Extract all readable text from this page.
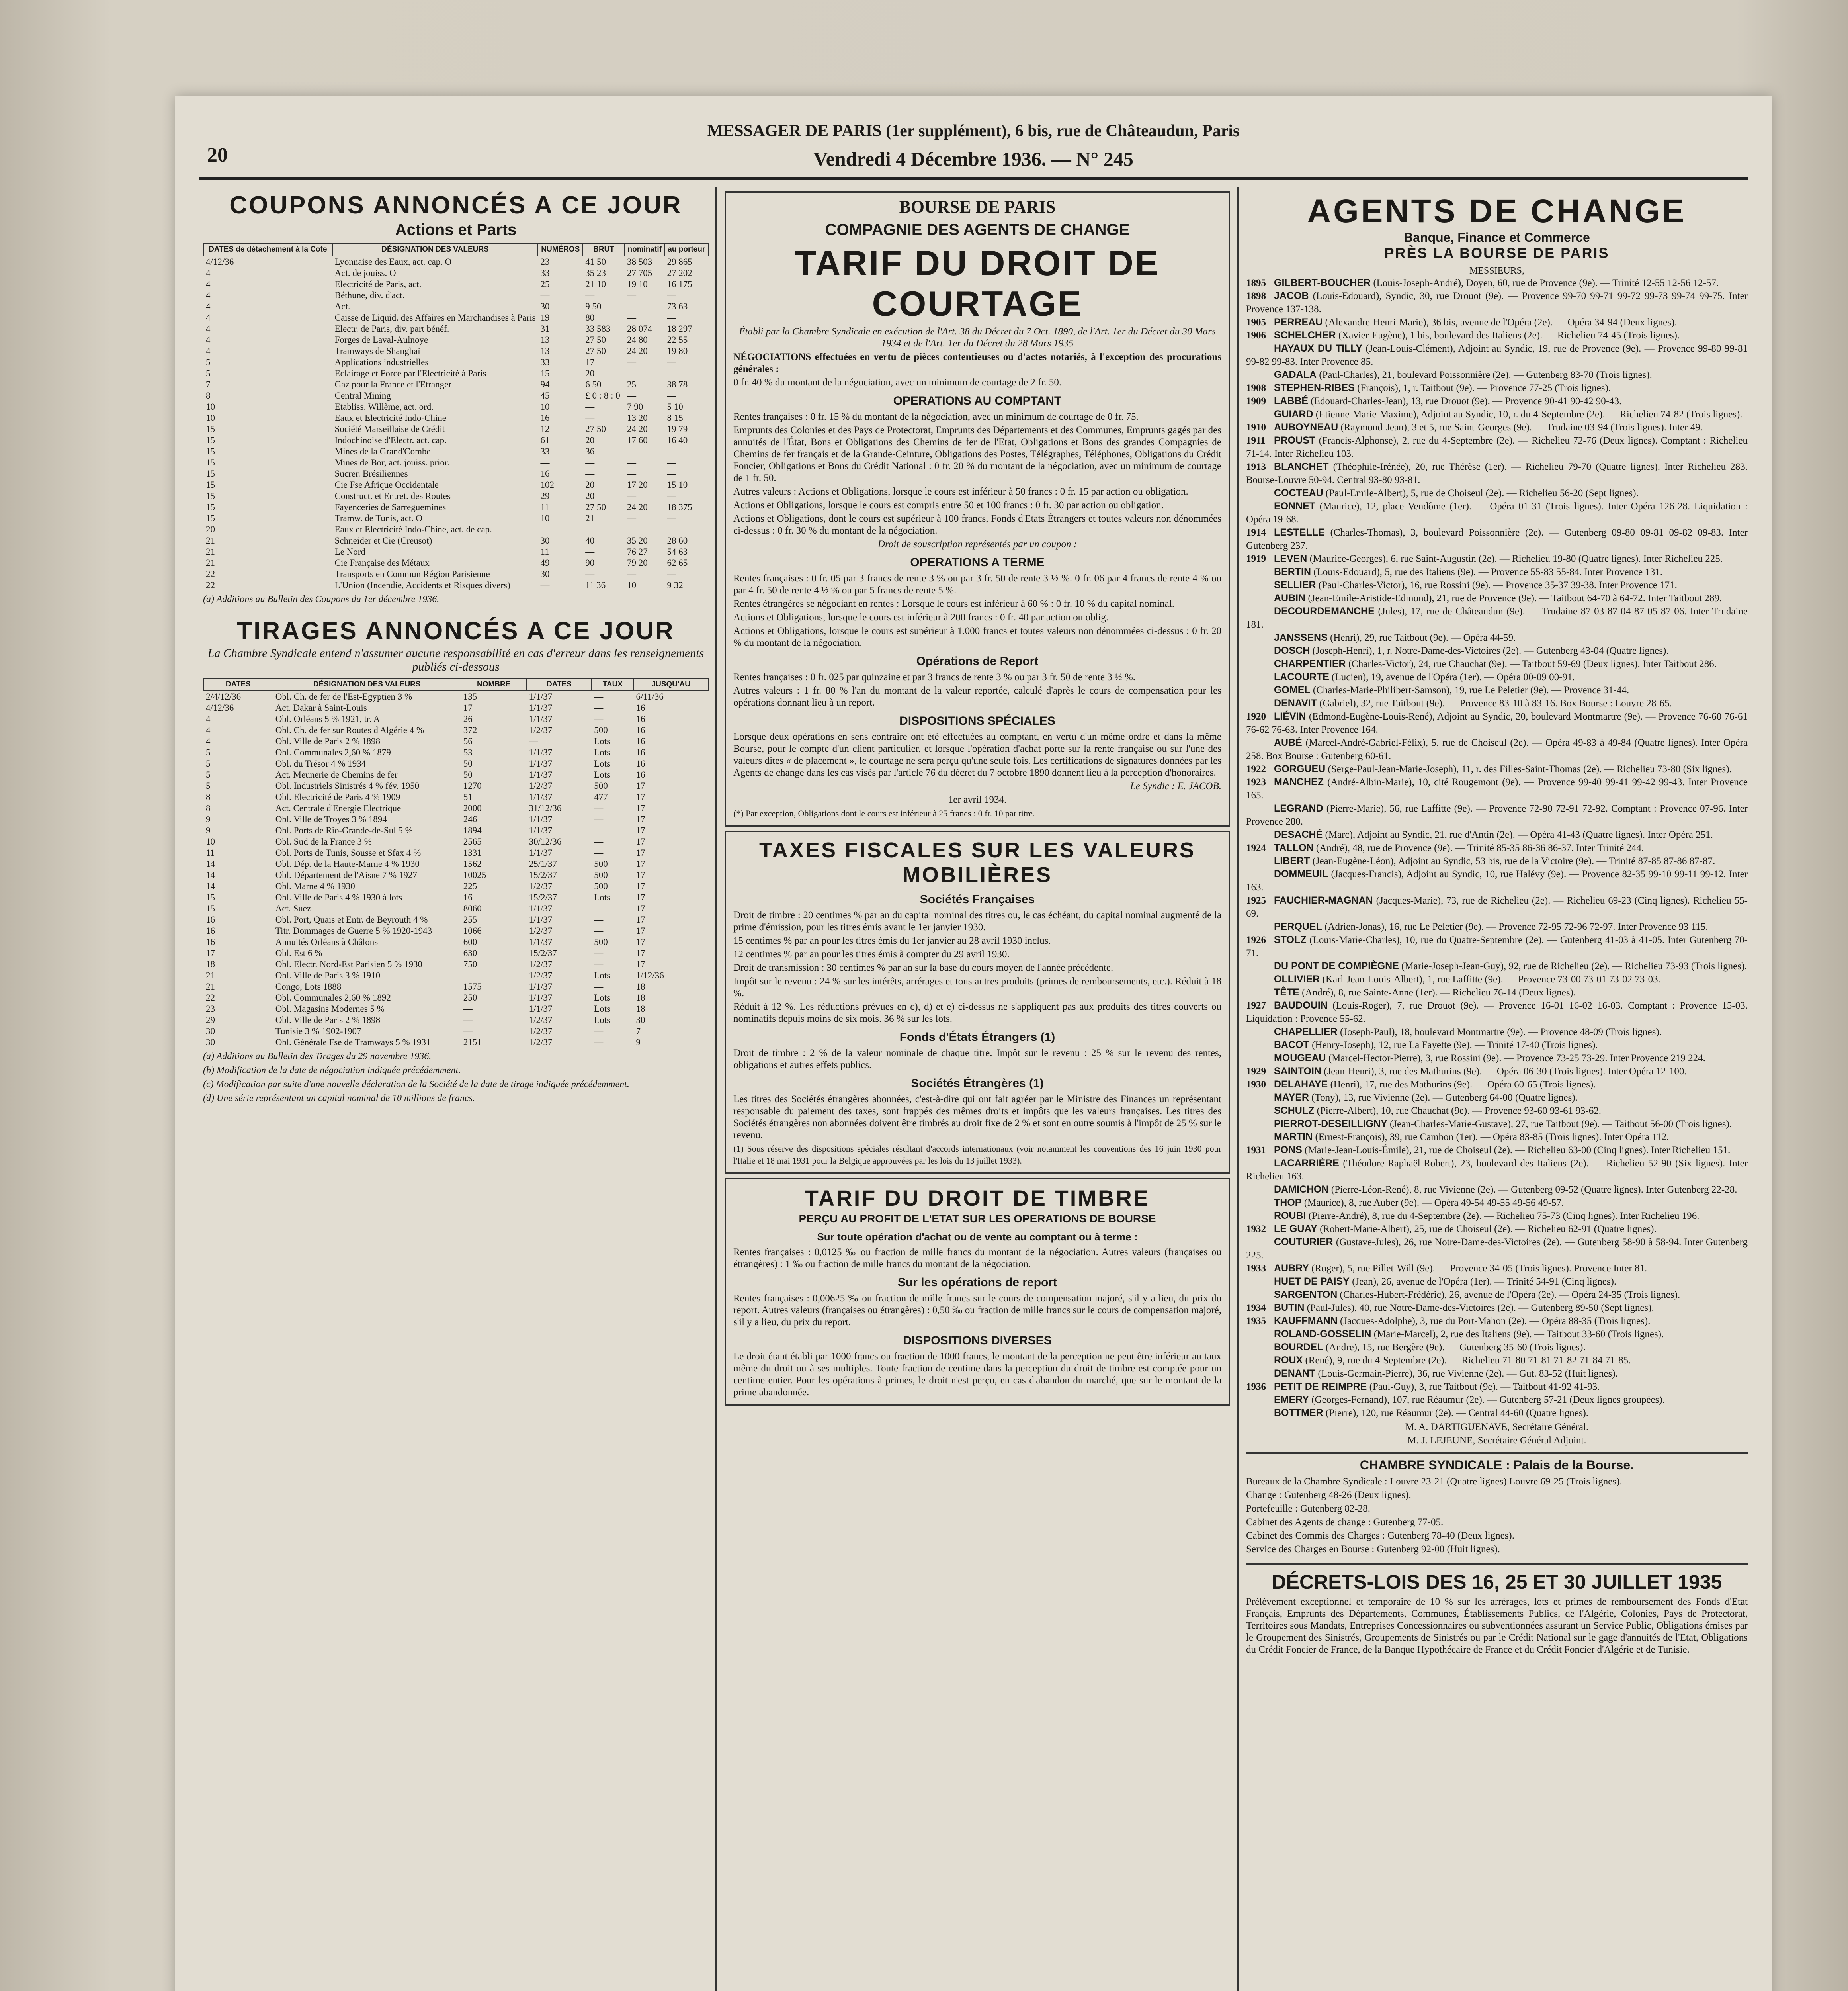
20
MESSAGER DE PARIS (1er supplément), 6 bis, rue de Châteaudun, Paris
Vendredi 4 Décembre 1936. — N° 245
COUPONS ANNONCÉS A CE JOUR
Actions et Parts
DATES de détachement à la Cote	DÉSIGNATION DES VALEURS	NUMÉROS	BRUT	nominatif	au porteur
4/12/36	Lyonnaise des Eaux, act. cap. O	23	41 50	38 503	29 865
4	Act. de jouiss. O	33	35 23	27 705	27 202
4	Electricité de Paris, act.	25	21 10	19 10	16 175
4	Béthune, div. d'act.	—	—	—	—
4	Act.	30	9 50	—	73 63
4	Caisse de Liquid. des Affaires en Marchandises à Paris	19	80	—	—
4	Electr. de Paris, div. part bénéf.	31	33 583	28 074	18 297
4	Forges de Laval-Aulnoye	13	27 50	24 80	22 55
4	Tramways de Shanghaï	13	27 50	24 20	19 80
5	Applications industrielles	33	17	—	—
5	Eclairage et Force par l'Electricité à Paris	15	20	—	—
7	Gaz pour la France et l'Etranger	94	6 50	25	38 78
8	Central Mining	45	£ 0 : 8 : 0	—	—
10	Etabliss. Willème, act. ord.	10	—	7 90	5 10
10	Eaux et Electricité Indo-Chine	16	—	13 20	8 15
15	Société Marseillaise de Crédit	12	27 50	24 20	19 79
15	Indochinoise d'Electr. act. cap.	61	20	17 60	16 40
15	Mines de la Grand'Combe	33	36	—	—
15	Mines de Bor, act. jouiss. prior.	—	—	—	—
15	Sucrer. Brésiliennes	16	—	—	—
15	Cie Fse Afrique Occidentale	102	20	17 20	15 10
15	Construct. et Entret. des Routes	29	20	—	—
15	Fayenceries de Sarreguemines	11	27 50	24 20	18 375
15	Tramw. de Tunis, act. O	10	21	—	—
20	Eaux et Electricité Indo-Chine, act. de cap.	—	—	—	—
21	Schneider et Cie (Creusot)	30	40	35 20	28 60
21	Le Nord	11	—	76 27	54 63
21	Cie Française des Métaux	49	90	79 20	62 65
22	Transports en Commun Région Parisienne	30	—	—	—
22	L'Union (Incendie, Accidents et Risques divers)	—	11 36	10	9 32
(a) Additions au Bulletin des Coupons du 1er décembre 1936.
TIRAGES ANNONCÉS A CE JOUR
La Chambre Syndicale entend n'assumer aucune responsabilité en cas d'erreur dans les renseignements publiés ci-dessous
DATES	DÉSIGNATION DES VALEURS	NOMBRE	DATES	TAUX	JUSQU'AU
2/4/12/36	Obl. Ch. de fer de l'Est-Egyptien 3 %	135	1/1/37	—	6/11/36
4/12/36	Act. Dakar à Saint-Louis	17	1/1/37	—	16
4	Obl. Orléans 5 % 1921, tr. A	26	1/1/37	—	16
4	Obl. Ch. de fer sur Routes d'Algérie 4 %	372	1/2/37	500	16
4	Obl. Ville de Paris 2 % 1898	56	—	Lots	16
5	Obl. Communales 2,60 % 1879	53	1/1/37	Lots	16
5	Obl. du Trésor 4 % 1934	50	1/1/37	Lots	16
5	Act. Meunerie de Chemins de fer	50	1/1/37	Lots	16
5	Obl. Industriels Sinistrés 4 % fév. 1950	1270	1/2/37	500	17
8	Obl. Electricité de Paris 4 % 1909	51	1/1/37	477	17
8	Act. Centrale d'Energie Electrique	2000	31/12/36	—	17
9	Obl. Ville de Troyes 3 % 1894	246	1/1/37	—	17
9	Obl. Ports de Rio-Grande-de-Sul 5 %	1894	1/1/37	—	17
10	Obl. Sud de la France 3 %	2565	30/12/36	—	17
11	Obl. Ports de Tunis, Sousse et Sfax 4 %	1331	1/1/37	—	17
14	Obl. Dép. de la Haute-Marne 4 % 1930	1562	25/1/37	500	17
14	Obl. Département de l'Aisne 7 % 1927	10025	15/2/37	500	17
14	Obl. Marne 4 % 1930	225	1/2/37	500	17
15	Obl. Ville de Paris 4 % 1930 à lots	16	15/2/37	Lots	17
15	Act. Suez	8060	1/1/37	—	17
16	Obl. Port, Quais et Entr. de Beyrouth 4 %	255	1/1/37	—	17
16	Titr. Dommages de Guerre 5 % 1920-1943	1066	1/2/37	—	17
16	Annuités Orléans à Châlons	600	1/1/37	500	17
17	Obl. Est 6 %	630	15/2/37	—	17
18	Obl. Electr. Nord-Est Parisien 5 % 1930	750	1/2/37	—	17
21	Obl. Ville de Paris 3 % 1910	—	1/2/37	Lots	1/12/36
21	Congo, Lots 1888	1575	1/1/37	—	18
22	Obl. Communales 2,60 % 1892	250	1/1/37	Lots	18
23	Obl. Magasins Modernes 5 %	—	1/1/37	Lots	18
29	Obl. Ville de Paris 2 % 1898	—	1/2/37	Lots	30
30	Tunisie 3 % 1902-1907	—	1/2/37	—	7
30	Obl. Générale Fse de Tramways 5 % 1931	2151	1/2/37	—	9

(a) Additions au Bulletin des Tirages du 29 novembre 1936.

(b) Modification de la date de négociation indiquée précédemment.

(c) Modification par suite d'une nouvelle déclaration de la Société de la date de tirage indiquée précédemment.

(d) Une série représentant un capital nominal de 10 millions de francs.

BOURSE DE PARIS
COMPAGNIE DES AGENTS DE CHANGE
TARIF DU DROIT DE COURTAGE

Établi par la Chambre Syndicale en exécution de l'Art. 38 du Décret du 7 Oct. 1890, de l'Art. 1er du Décret du 30 Mars 1934 et de l'Art. 1er du Décret du 28 Mars 1935

NÉGOCIATIONS effectuées en vertu de pièces contentieuses ou d'actes notariés, à l'exception des procurations générales :

0 fr. 40 % du montant de la négociation, avec un minimum de courtage de 2 fr. 50.

OPERATIONS AU COMPTANT

Rentes françaises : 0 fr. 15 % du montant de la négociation, avec un minimum de courtage de 0 fr. 75.

Emprunts des Colonies et des Pays de Protectorat, Emprunts des Départements et des Communes, Emprunts gagés par des annuités de l'État, Bons et Obligations des Chemins de fer de l'Etat, Obligations et Bons des grandes Compagnies de Chemins de fer français et de la Grande-Ceinture, Obligations des Postes, Télégraphes, Téléphones, Obligations du Crédit Foncier, Obligations et Bons du Crédit National : 0 fr. 20 % du montant de la négociation, avec un minimum de courtage de 1 fr. 50.

Autres valeurs : Actions et Obligations, lorsque le cours est inférieur à 50 francs : 0 fr. 15 par action ou obligation.

Actions et Obligations, lorsque le cours est compris entre 50 et 100 francs : 0 fr. 30 par action ou obligation.

Actions et Obligations, dont le cours est supérieur à 100 francs, Fonds d'Etats Étrangers et toutes valeurs non dénommées ci-dessus : 0 fr. 30 % du montant de la négociation.

Droit de souscription représentés par un coupon :

OPERATIONS A TERME

Rentes françaises : 0 fr. 05 par 3 francs de rente 3 % ou par 3 fr. 50 de rente 3 ½ %. 0 fr. 06 par 4 francs de rente 4 % ou par 4 fr. 50 de rente 4 ½ % ou par 5 francs de rente 5 %.

Rentes étrangères se négociant en rentes : Lorsque le cours est inférieur à 60 % : 0 fr. 10 % du capital nominal.

Actions et Obligations, lorsque le cours est inférieur à 200 francs : 0 fr. 40 par action ou oblig.

Actions et Obligations, lorsque le cours est supérieur à 1.000 francs et toutes valeurs non dénommées ci-dessus : 0 fr. 20 % du montant de la négociation.

Opérations de Report

Rentes françaises : 0 fr. 025 par quinzaine et par 3 francs de rente 3 % ou par 3 fr. 50 de rente 3 ½ %.

Autres valeurs : 1 fr. 80 % l'an du montant de la valeur reportée, calculé d'après le cours de compensation pour les opérations donnant lieu à un report.

DISPOSITIONS SPÉCIALES

Lorsque deux opérations en sens contraire ont été effectuées au comptant, en vertu d'un même ordre et dans la même Bourse, pour le compte d'un client particulier, et lorsque l'opération d'achat porte sur la rente française ou sur l'une des valeurs dites « de placement », le courtage ne sera perçu qu'une seule fois. Les certifications de signatures données par les Agents de change dans les cas visés par l'article 76 du décret du 7 octobre 1890 donnent lieu à la perception d'honoraires.

Le Syndic : E. JACOB.

1er avril 1934.

(*) Par exception, Obligations dont le cours est inférieur à 25 francs : 0 fr. 10 par titre.

TAXES FISCALES SUR LES VALEURS MOBILIÈRES
Sociétés Françaises

Droit de timbre : 20 centimes % par an du capital nominal des titres ou, le cas échéant, du capital nominal augmenté de la prime d'émission, pour les titres émis avant le 1er janvier 1930.

15 centimes % par an pour les titres émis du 1er janvier au 28 avril 1930 inclus.

12 centimes % par an pour les titres émis à compter du 29 avril 1930.

Droit de transmission : 30 centimes % par an sur la base du cours moyen de l'année précédente.

Impôt sur le revenu : 24 % sur les intérêts, arrérages et tous autres produits (primes de remboursements, etc.). Réduit à 18 %.

Réduit à 12 %. Les réductions prévues en c), d) et e) ci-dessus ne s'appliquent pas aux produits des titres couverts ou nominatifs depuis moins de six mois. 36 % sur les lots.

Fonds d'États Étrangers (1)

Droit de timbre : 2 % de la valeur nominale de chaque titre. Impôt sur le revenu : 25 % sur le revenu des rentes, obligations et autres effets publics.

Sociétés Étrangères (1)

Les titres des Sociétés étrangères abonnées, c'est-à-dire qui ont fait agréer par le Ministre des Finances un représentant responsable du paiement des taxes, sont frappés des mêmes droits et impôts que les valeurs françaises. Les titres des Sociétés étrangères non abonnées doivent être timbrés au droit fixe de 2 % et sont en outre soumis à l'impôt de 25 % sur le revenu.

(1) Sous réserve des dispositions spéciales résultant d'accords internationaux (voir notamment les conventions des 16 juin 1930 pour l'Italie et 18 mai 1931 pour la Belgique approuvées par les lois du 13 juillet 1933).

TARIF DU DROIT DE TIMBRE
PERÇU AU PROFIT DE L'ETAT SUR LES OPERATIONS DE BOURSE
Sur toute opération d'achat ou de vente au comptant ou à terme :

Rentes françaises : 0,0125 ‰ ou fraction de mille francs du montant de la négociation. Autres valeurs (françaises ou étrangères) : 1 ‰ ou fraction de mille francs du montant de la négociation.

Sur les opérations de report

Rentes françaises : 0,00625 ‰ ou fraction de mille francs sur le cours de compensation majoré, s'il y a lieu, du prix du report. Autres valeurs (françaises ou étrangères) : 0,50 ‰ ou fraction de mille francs sur le cours de compensation majoré, s'il y a lieu, du prix du report.

DISPOSITIONS DIVERSES

Le droit étant établi par 1000 francs ou fraction de 1000 francs, le montant de la perception ne peut être inférieur au taux même du droit ou à ses multiples. Toute fraction de centime dans la perception du droit de timbre est comptée pour un centime entier. Pour les opérations à primes, le droit n'est perçu, en cas d'abandon du marché, que sur le montant de la prime abandonnée.

AGENTS DE CHANGE
Banque, Finance et Commerce
PRÈS LA BOURSE DE PARIS
MESSIEURS,

1895 GILBERT-BOUCHER (Louis-Joseph-André), Doyen, 60, rue de Provence (9e). — Trinité 12-55 12-56 12-57.

1898 JACOB (Louis-Edouard), Syndic, 30, rue Drouot (9e). — Provence 99-70 99-71 99-72 99-73 99-74 99-75. Inter Provence 137-138.

1905 PERREAU (Alexandre-Henri-Marie), 36 bis, avenue de l'Opéra (2e). — Opéra 34-94 (Deux lignes).

1906 SCHELCHER (Xavier-Eugène), 1 bis, boulevard des Italiens (2e). — Richelieu 74-45 (Trois lignes).

HAYAUX DU TILLY (Jean-Louis-Clément), Adjoint au Syndic, 19, rue de Provence (9e). — Provence 99-80 99-81 99-82 99-83. Inter Provence 85.

GADALA (Paul-Charles), 21, boulevard Poissonnière (2e). — Gutenberg 83-70 (Trois lignes).

1908 STEPHEN-RIBES (François), 1, r. Taitbout (9e). — Provence 77-25 (Trois lignes).

1909 LABBÉ (Edouard-Charles-Jean), 13, rue Drouot (9e). — Provence 90-41 90-42 90-43.

GUIARD (Etienne-Marie-Maxime), Adjoint au Syndic, 10, r. du 4-Septembre (2e). — Richelieu 74-82 (Trois lignes).

1910 AUBOYNEAU (Raymond-Jean), 3 et 5, rue Saint-Georges (9e). — Trudaine 03-94 (Trois lignes). Inter 49.

1911 PROUST (Francis-Alphonse), 2, rue du 4-Septembre (2e). — Richelieu 72-76 (Deux lignes). Comptant : Richelieu 71-14. Inter Richelieu 103.

1913 BLANCHET (Théophile-Irénée), 20, rue Thérèse (1er). — Richelieu 79-70 (Quatre lignes). Inter Richelieu 283. Bourse-Louvre 50-94. Central 93-80 93-81.

COCTEAU (Paul-Emile-Albert), 5, rue de Choiseul (2e). — Richelieu 56-20 (Sept lignes).

EONNET (Maurice), 12, place Vendôme (1er). — Opéra 01-31 (Trois lignes). Inter Opéra 126-28. Liquidation : Opéra 19-68.

1914 LESTELLE (Charles-Thomas), 3, boulevard Poissonnière (2e). — Gutenberg 09-80 09-81 09-82 09-83. Inter Gutenberg 237.

1919 LEVEN (Maurice-Georges), 6, rue Saint-Augustin (2e). — Richelieu 19-80 (Quatre lignes). Inter Richelieu 225.

BERTIN (Louis-Edouard), 5, rue des Italiens (9e). — Provence 55-83 55-84. Inter Provence 131.

SELLIER (Paul-Charles-Victor), 16, rue Rossini (9e). — Provence 35-37 39-38. Inter Provence 171.

AUBIN (Jean-Emile-Aristide-Edmond), 21, rue de Provence (9e). — Taitbout 64-70 à 64-72. Inter Taitbout 289.

DECOURDEMANCHE (Jules), 17, rue de Châteaudun (9e). — Trudaine 87-03 87-04 87-05 87-06. Inter Trudaine 181.

JANSSENS (Henri), 29, rue Taitbout (9e). — Opéra 44-59.

DOSCH (Joseph-Henri), 1, r. Notre-Dame-des-Victoires (2e). — Gutenberg 43-04 (Quatre lignes).

CHARPENTIER (Charles-Victor), 24, rue Chauchat (9e). — Taitbout 59-69 (Deux lignes). Inter Taitbout 286.

LACOURTE (Lucien), 19, avenue de l'Opéra (1er). — Opéra 00-09 00-91.

GOMEL (Charles-Marie-Philibert-Samson), 19, rue Le Peletier (9e). — Provence 31-44.

DENAVIT (Gabriel), 32, rue Taitbout (9e). — Provence 83-10 à 83-16. Box Bourse : Louvre 28-65.

1920 LIÉVIN (Edmond-Eugène-Louis-René), Adjoint au Syndic, 20, boulevard Montmartre (9e). — Provence 76-60 76-61 76-62 76-63. Inter Provence 164.

AUBÉ (Marcel-André-Gabriel-Félix), 5, rue de Choiseul (2e). — Opéra 49-83 à 49-84 (Quatre lignes). Inter Opéra 258. Box Bourse : Gutenberg 60-61.

1922 GORGUEU (Serge-Paul-Jean-Marie-Joseph), 11, r. des Filles-Saint-Thomas (2e). — Richelieu 73-80 (Six lignes).

1923 MANCHEZ (André-Albin-Marie), 10, cité Rougemont (9e). — Provence 99-40 99-41 99-42 99-43. Inter Provence 165.

LEGRAND (Pierre-Marie), 56, rue Laffitte (9e). — Provence 72-90 72-91 72-92. Comptant : Provence 07-96. Inter Provence 280.

DESACHÉ (Marc), Adjoint au Syndic, 21, rue d'Antin (2e). — Opéra 41-43 (Quatre lignes). Inter Opéra 251.

1924 TALLON (André), 48, rue de Provence (9e). — Trinité 85-35 86-36 86-37. Inter Trinité 244.

LIBERT (Jean-Eugène-Léon), Adjoint au Syndic, 53 bis, rue de la Victoire (9e). — Trinité 87-85 87-86 87-87.

DOMMEUIL (Jacques-Francis), Adjoint au Syndic, 10, rue Halévy (9e). — Provence 82-35 99-10 99-11 99-12. Inter 163.

1925 FAUCHIER-MAGNAN (Jacques-Marie), 73, rue de Richelieu (2e). — Richelieu 69-23 (Cinq lignes). Richelieu 55-69.

PERQUEL (Adrien-Jonas), 16, rue Le Peletier (9e). — Provence 72-95 72-96 72-97. Inter Provence 93 115.

1926 STOLZ (Louis-Marie-Charles), 10, rue du Quatre-Septembre (2e). — Gutenberg 41-03 à 41-05. Inter Gutenberg 70-71.

DU PONT DE COMPIÈGNE (Marie-Joseph-Jean-Guy), 92, rue de Richelieu (2e). — Richelieu 73-93 (Trois lignes).

OLLIVIER (Karl-Jean-Louis-Albert), 1, rue Laffitte (9e). — Provence 73-00 73-01 73-02 73-03.

TÊTE (André), 8, rue Sainte-Anne (1er). — Richelieu 76-14 (Deux lignes).

1927 BAUDOUIN (Louis-Roger), 7, rue Drouot (9e). — Provence 16-01 16-02 16-03. Comptant : Provence 15-03. Liquidation : Provence 55-62.

CHAPELLIER (Joseph-Paul), 18, boulevard Montmartre (9e). — Provence 48-09 (Trois lignes).

BACOT (Henry-Joseph), 12, rue La Fayette (9e). — Trinité 17-40 (Trois lignes).

MOUGEAU (Marcel-Hector-Pierre), 3, rue Rossini (9e). — Provence 73-25 73-29. Inter Provence 219 224.

1929 SAINTOIN (Jean-Henri), 3, rue des Mathurins (9e). — Opéra 06-30 (Trois lignes). Inter Opéra 12-100.

1930 DELAHAYE (Henri), 17, rue des Mathurins (9e). — Opéra 60-65 (Trois lignes).

MAYER (Tony), 13, rue Vivienne (2e). — Gutenberg 64-00 (Quatre lignes).

SCHULZ (Pierre-Albert), 10, rue Chauchat (9e). — Provence 93-60 93-61 93-62.

PIERROT-DESEILLIGNY (Jean-Charles-Marie-Gustave), 27, rue Taitbout (9e). — Taitbout 56-00 (Trois lignes).

MARTIN (Ernest-François), 39, rue Cambon (1er). — Opéra 83-85 (Trois lignes). Inter Opéra 112.

1931 PONS (Marie-Jean-Louis-Émile), 21, rue de Choiseul (2e). — Richelieu 63-00 (Cinq lignes). Inter Richelieu 151.

LACARRIÈRE (Théodore-Raphaël-Robert), 23, boulevard des Italiens (2e). — Richelieu 52-90 (Six lignes). Inter Richelieu 163.

DAMICHON (Pierre-Léon-René), 8, rue Vivienne (2e). — Gutenberg 09-52 (Quatre lignes). Inter Gutenberg 22-28.

THOP (Maurice), 8, rue Auber (9e). — Opéra 49-54 49-55 49-56 49-57.

ROUBI (Pierre-André), 8, rue du 4-Septembre (2e). — Richelieu 75-73 (Cinq lignes). Inter Richelieu 196.

1932 LE GUAY (Robert-Marie-Albert), 25, rue de Choiseul (2e). — Richelieu 62-91 (Quatre lignes).

COUTURIER (Gustave-Jules), 26, rue Notre-Dame-des-Victoires (2e). — Gutenberg 58-90 à 58-94. Inter Gutenberg 225.

1933 AUBRY (Roger), 5, rue Pillet-Will (9e). — Provence 34-05 (Trois lignes). Provence Inter 81.

HUET DE PAISY (Jean), 26, avenue de l'Opéra (1er). — Trinité 54-91 (Cinq lignes).

SARGENTON (Charles-Hubert-Frédéric), 26, avenue de l'Opéra (2e). — Opéra 24-35 (Trois lignes).

1934 BUTIN (Paul-Jules), 40, rue Notre-Dame-des-Victoires (2e). — Gutenberg 89-50 (Sept lignes).

1935 KAUFFMANN (Jacques-Adolphe), 3, rue du Port-Mahon (2e). — Opéra 88-35 (Trois lignes).

ROLAND-GOSSELIN (Marie-Marcel), 2, rue des Italiens (9e). — Taitbout 33-60 (Trois lignes).

BOURDEL (Andre), 15, rue Bergère (9e). — Gutenberg 35-60 (Trois lignes).

ROUX (René), 9, rue du 4-Septembre (2e). — Richelieu 71-80 71-81 71-82 71-84 71-85.

DENANT (Louis-Germain-Pierre), 36, rue Vivienne (2e). — Gut. 83-52 (Huit lignes).

1936 PETIT DE REIMPRE (Paul-Guy), 3, rue Taitbout (9e). — Taitbout 41-92 41-93.

EMERY (Georges-Fernand), 107, rue Réaumur (2e). — Gutenberg 57-21 (Deux lignes groupées).

BOTTMER (Pierre), 120, rue Réaumur (2e). — Central 44-60 (Quatre lignes).

M. A. DARTIGUENAVE, Secrétaire Général.

M. J. LEJEUNE, Secrétaire Général Adjoint.

CHAMBRE SYNDICALE : Palais de la Bourse.

Bureaux de la Chambre Syndicale : Louvre 23-21 (Quatre lignes) Louvre 69-25 (Trois lignes).

Change : Gutenberg 48-26 (Deux lignes).

Portefeuille : Gutenberg 82-28.

Cabinet des Agents de change : Gutenberg 77-05.

Cabinet des Commis des Charges : Gutenberg 78-40 (Deux lignes).

Service des Charges en Bourse : Gutenberg 92-00 (Huit lignes).

DÉCRETS-LOIS DES 16, 25 ET 30 JUILLET 1935

Prélèvement exceptionnel et temporaire de 10 % sur les arrérages, lots et primes de remboursement des Fonds d'Etat Français, Emprunts des Départements, Communes, Établissements Publics, de l'Algérie, Colonies, Pays de Protectorat, Territoires sous Mandats, Entreprises Concessionnaires ou subventionnées assurant un Service Public, Obligations émises par le Groupement des Sinistrés, Groupements de Sinistrés ou par le Crédit National sur le gage d'annuités de l'Etat, Obligations du Crédit Foncier de France, de la Banque Hypothécaire de France et du Crédit Foncier d'Algérie et de Tunisie.
